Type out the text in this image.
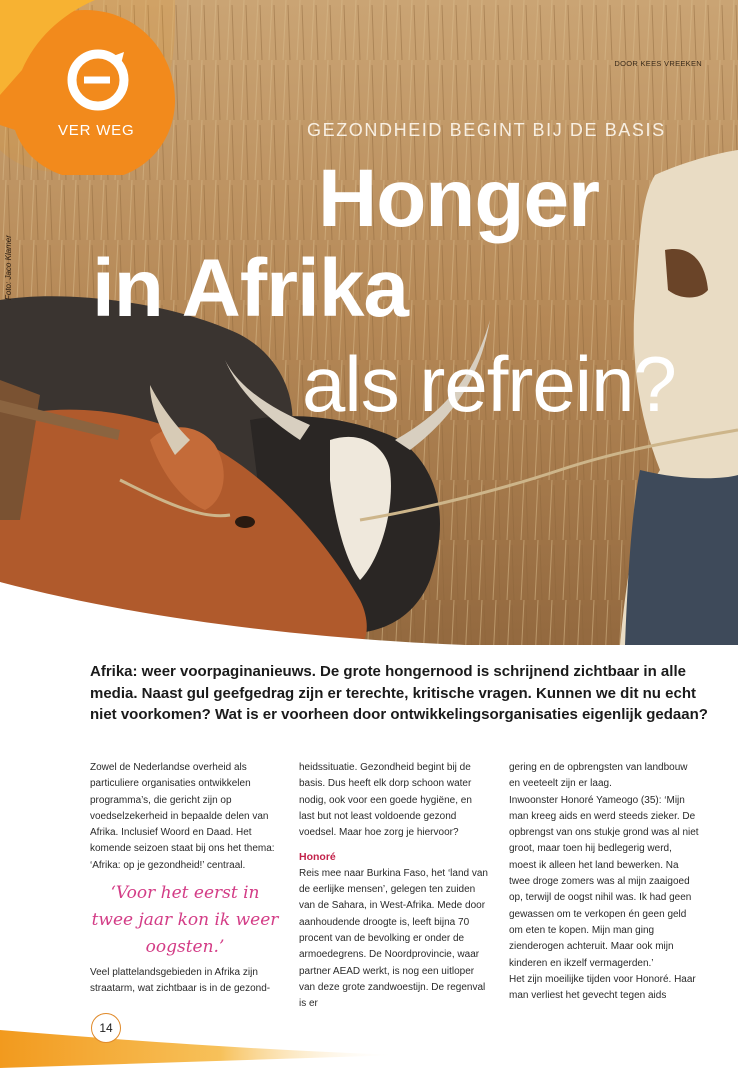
VER WEG
DOOR KEES VREEKEN
GEZONDHEID BEGINT BIJ DE BASIS
Honger
in Afrika
als refrein?
Foto: Jaco Klamer
Afrika: weer voorpaginanieuws. De grote hongernood is schrijnend zichtbaar in alle media. Naast gul geefgedrag zijn er terechte, kritische vragen. Kunnen we dit nu echt niet voorkomen? Wat is er voorheen door ontwikkelingsorganisaties eigenlijk gedaan?

Zowel de Nederlandse overheid als particuliere organisaties ontwikkelen programma’s, die gericht zijn op voedselzekerheid in bepaalde delen van Afrika. Inclusief Woord en Daad. Het komende seizoen staat bij ons het thema: ‘Afrika: op je gezondheid!’ centraal.

‘Voor het eerst in twee jaar kon ik weer oogsten.’

Veel plattelandsgebieden in Afrika zijn straatarm, wat zichtbaar is in de gezond-

heidssituatie. Gezondheid begint bij de basis. Dus heeft elk dorp schoon water nodig, ook voor een goede hygiëne, en last but not least voldoende gezond voedsel. Maar hoe zorg je hiervoor?

Honoré

Reis mee naar Burkina Faso, het ‘land van de eerlijke mensen’, gelegen ten zuiden van de Sahara, in West-Afrika. Mede door aanhoudende droogte is, leeft bijna 70 procent van de bevolking er onder de armoedegrens. De Noordprovincie, waar partner AEAD werkt, is nog een uitloper van deze grote zandwoestijn. De regenval is er

gering en de opbrengsten van landbouw en veeteelt zijn er laag.

Inwoonster Honoré Yameogo (35): ‘Mijn man kreeg aids en werd steeds zieker. De opbrengst van ons stukje grond was al niet groot, maar toen hij bedlegerig werd, moest ik alleen het land bewerken. Na twee droge zomers was al mijn zaaigoed op, terwijl de oogst nihil was. Ik had geen gewassen om te verkopen én geen geld om eten te kopen. Mijn man ging zienderogen achteruit. Maar ook mijn kinderen en ikzelf vermagerden.’

Het zijn moeilijke tijden voor Honoré. Haar man verliest het gevecht tegen aids

14
